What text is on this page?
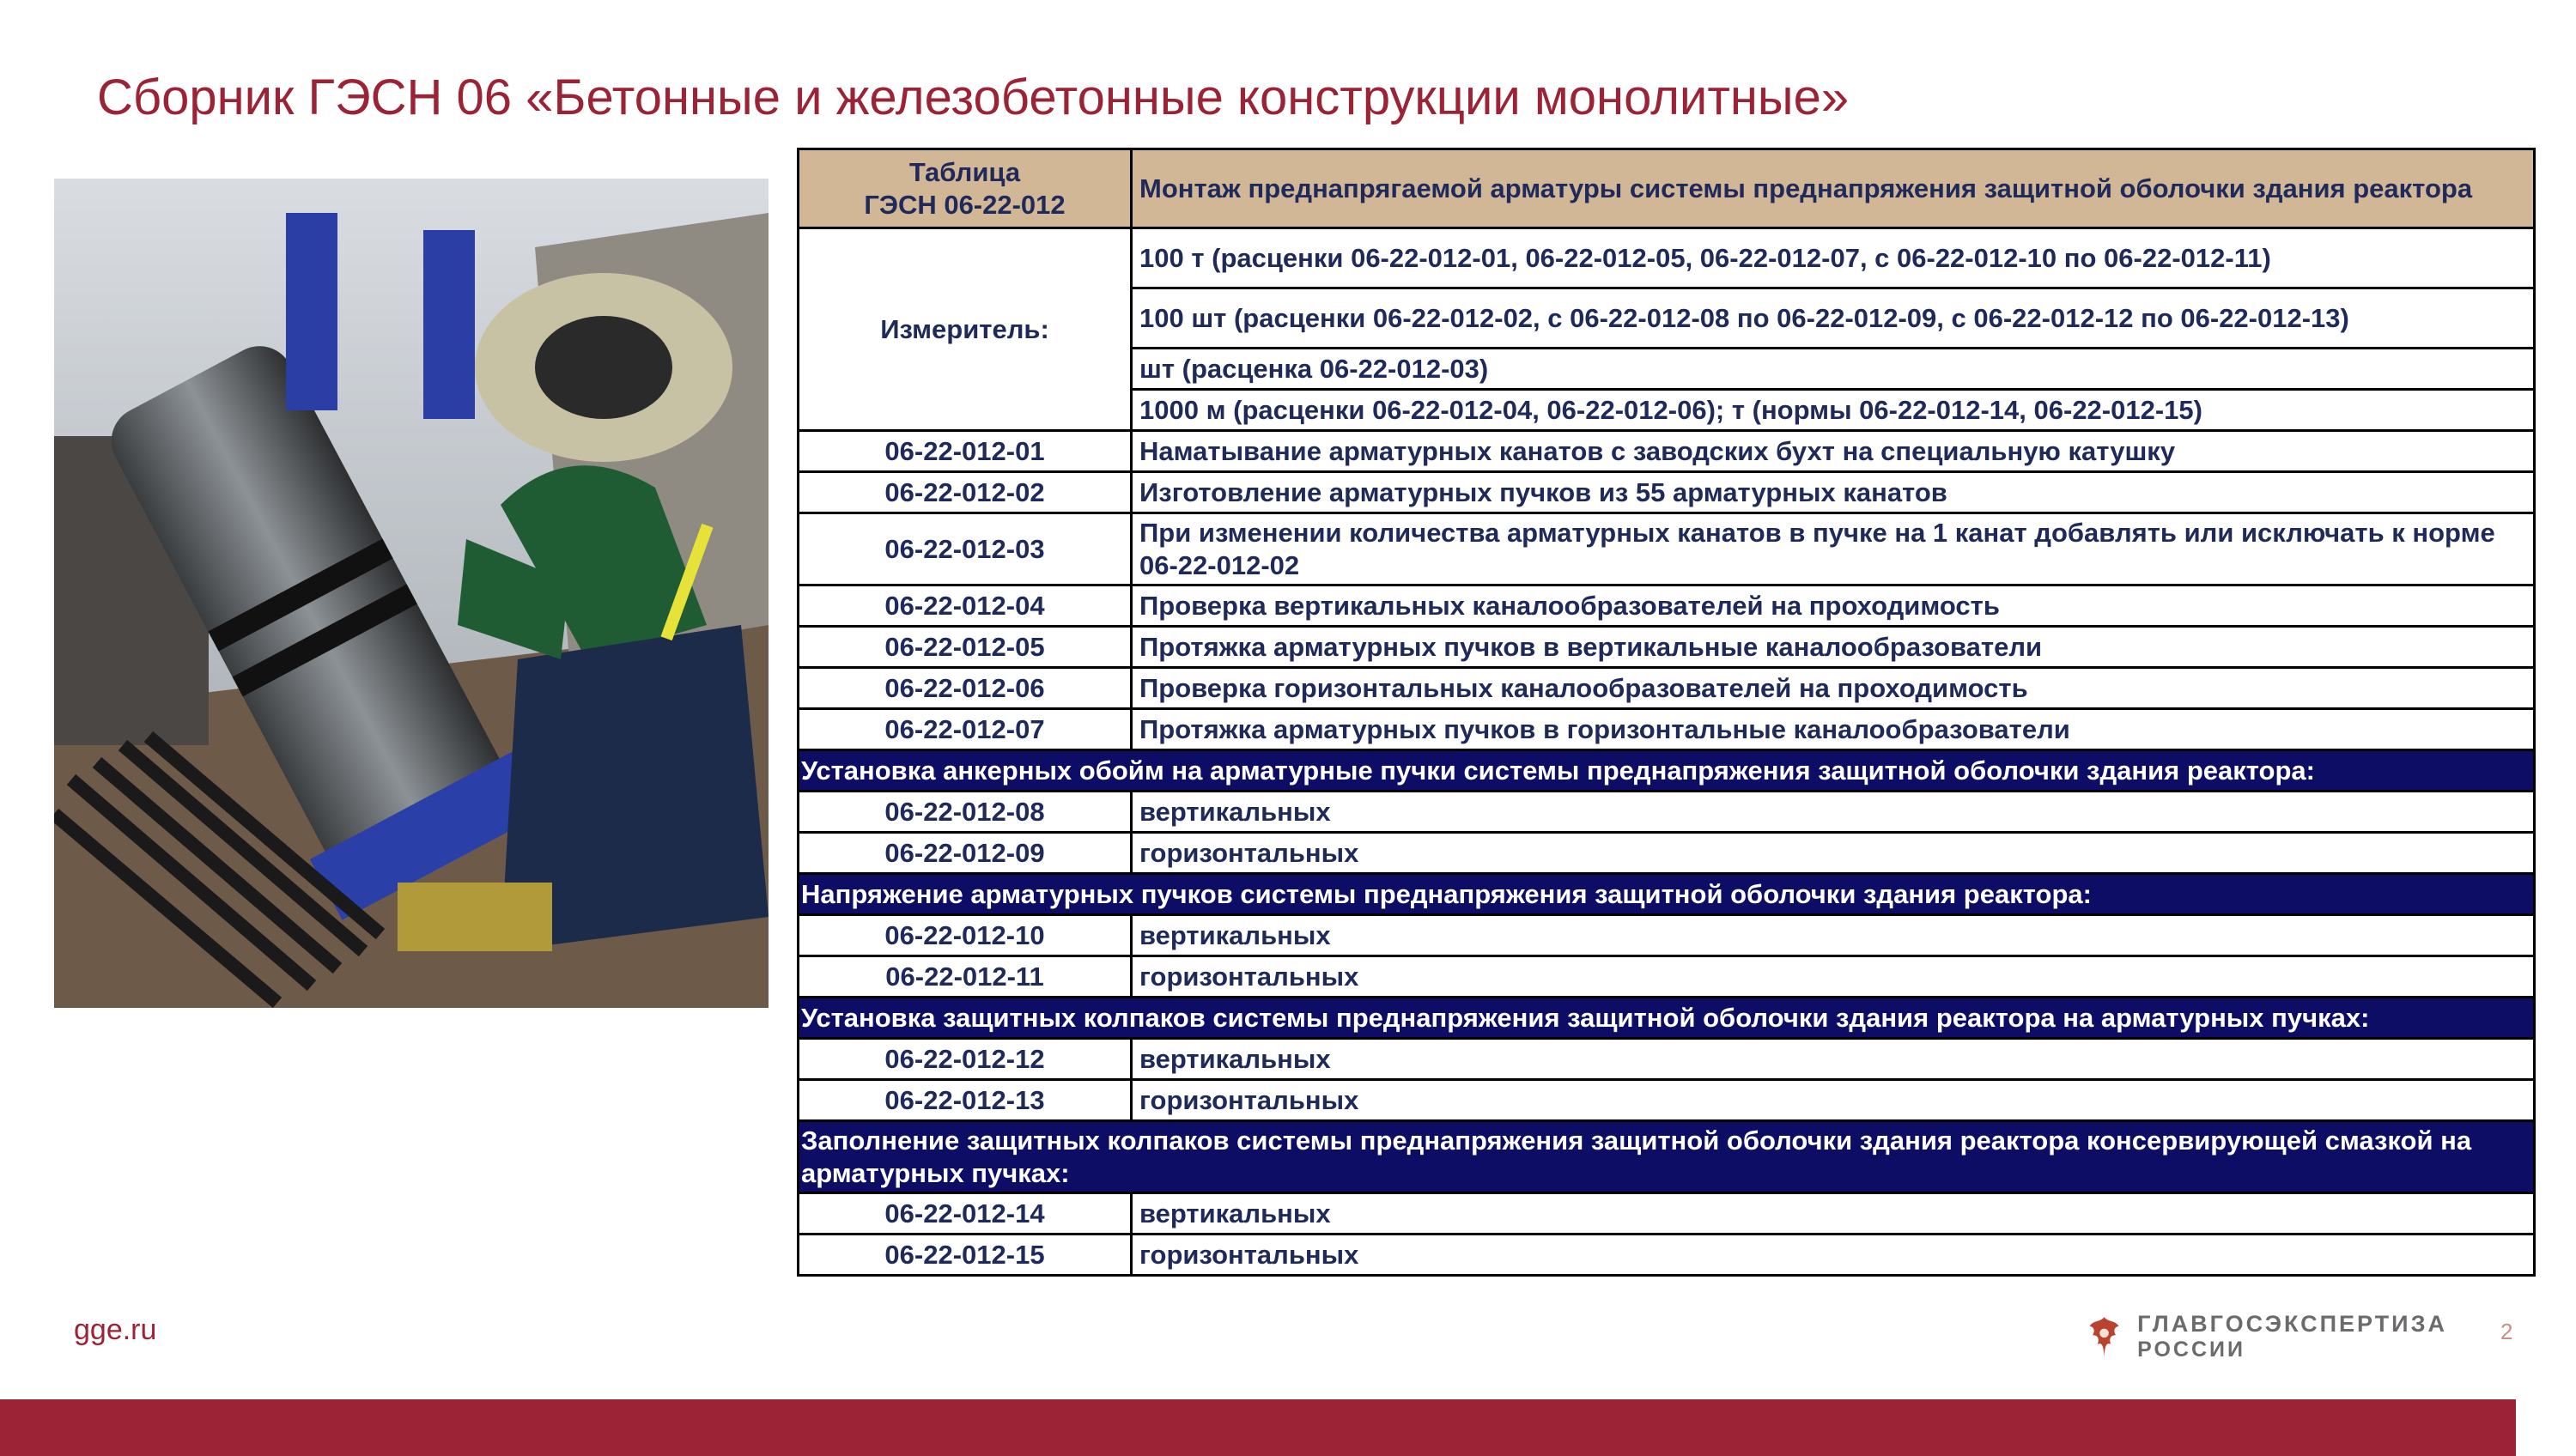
Сборник ГЭСН 06 «Бетонные и железобетонные конструкции монолитные»
Таблица
ГЭСН 06-22-012	Монтаж преднапрягаемой арматуры системы преднапряжения защитной оболочки здания реактора
Измеритель:	100 т (расценки 06-22-012-01, 06-22-012-05, 06-22-012-07, с 06-22-012-10 по 06-22-012-11)
	100 шт (расценки 06-22-012-02, с 06-22-012-08 по 06-22-012-09, с 06-22-012-12 по 06-22-012-13)
	шт (расценка 06-22-012-03)
	1000 м (расценки 06-22-012-04, 06-22-012-06); т (нормы 06-22-012-14, 06-22-012-15)
06-22-012-01	Наматывание арматурных канатов с заводских бухт на специальную катушку
06-22-012-02	Изготовление арматурных пучков из 55 арматурных канатов
06-22-012-03	При изменении количества арматурных канатов в пучке на 1 канат добавлять или исключать к норме 06-22-012-02
06-22-012-04	Проверка вертикальных каналообразователей на проходимость
06-22-012-05	Протяжка арматурных пучков в вертикальные каналообразователи
06-22-012-06	Проверка горизонтальных каналообразователей на проходимость
06-22-012-07	Протяжка арматурных пучков в горизонтальные каналообразователи
Установка анкерных обойм на арматурные пучки системы преднапряжения защитной оболочки здания реактора:	
06-22-012-08	вертикальных
06-22-012-09	горизонтальных
Напряжение арматурных пучков системы преднапряжения защитной оболочки здания реактора:	
06-22-012-10	вертикальных
06-22-012-11	горизонтальных
Установка защитных колпаков системы преднапряжения защитной оболочки здания реактора на арматурных пучках:	
06-22-012-12	вертикальных
06-22-012-13	горизонтальных
Заполнение защитных колпаков системы преднапряжения защитной оболочки здания реактора консервирующей смазкой на арматурных пучках:	
06-22-012-14	вертикальных
06-22-012-15	горизонтальных
gge.ru	ГЛАВГОСЭКСПЕРТИЗА
РОССИИ
2
